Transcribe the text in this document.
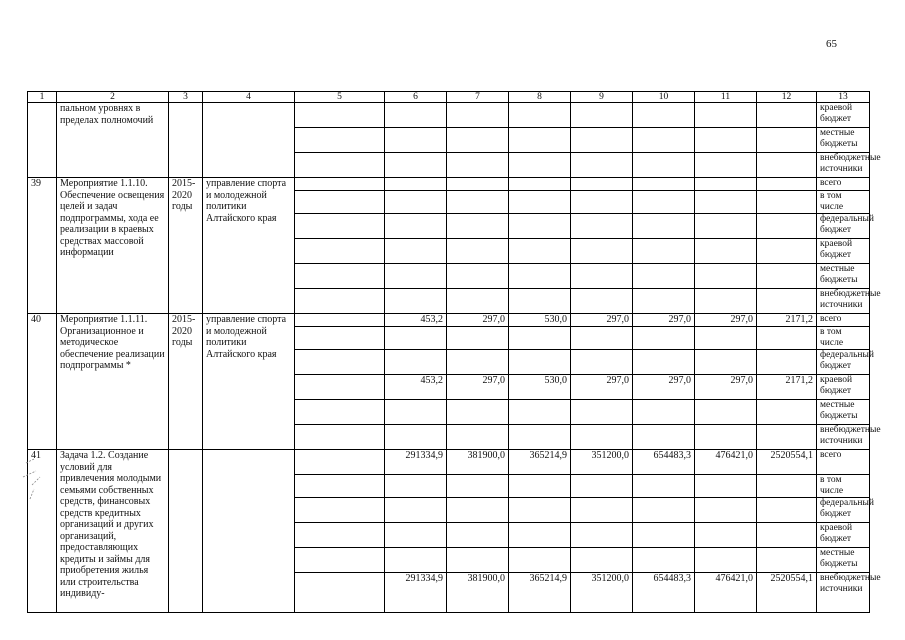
65
1	2	3	4	5	6	7	8	9	10	11	12	13
	пальном уровнях в пределах полномочий											краевой бюджет
												местные бюджеты
												внебюджетные источники
39	Мероприятие 1.1.10. Обеспечение освещения целей и задач подпрограммы, хода ее реализации в краевых средствах массовой информации	2015-2020 годы	управление спорта и молодежной политики Алтайского края									всего
												в том числе
												федеральный бюджет
												краевой бюджет
												местные бюджеты
												внебюджетные источники
40	Мероприятие 1.1.11. Организационное и методическое обеспечение реализации подпрограммы *	2015-2020 годы	управление спорта и молодежной политики Алтайского края		453,2	297,0	530,0	297,0	297,0	297,0	2171,2	всего
												в том числе
												федеральный бюджет
					453,2	297,0	530,0	297,0	297,0	297,0	2171,2	краевой бюджет
												местные бюджеты
												внебюджетные источники
41	Задача 1.2. Создание условий для привлечения молодыми семьями собственных средств, финансовых средств кредитных организаций и других организаций, предоставляющих кредиты и займы для приобретения жилья или строительства индивиду-				291334,9	381900,0	365214,9	351200,0	654483,3	476421,0	2520554,1	всего
												в том числе
												федеральный бюджет
												краевой бюджет
												местные бюджеты
					291334,9	381900,0	365214,9	351200,0	654483,3	476421,0	2520554,1	внебюджетные источники
